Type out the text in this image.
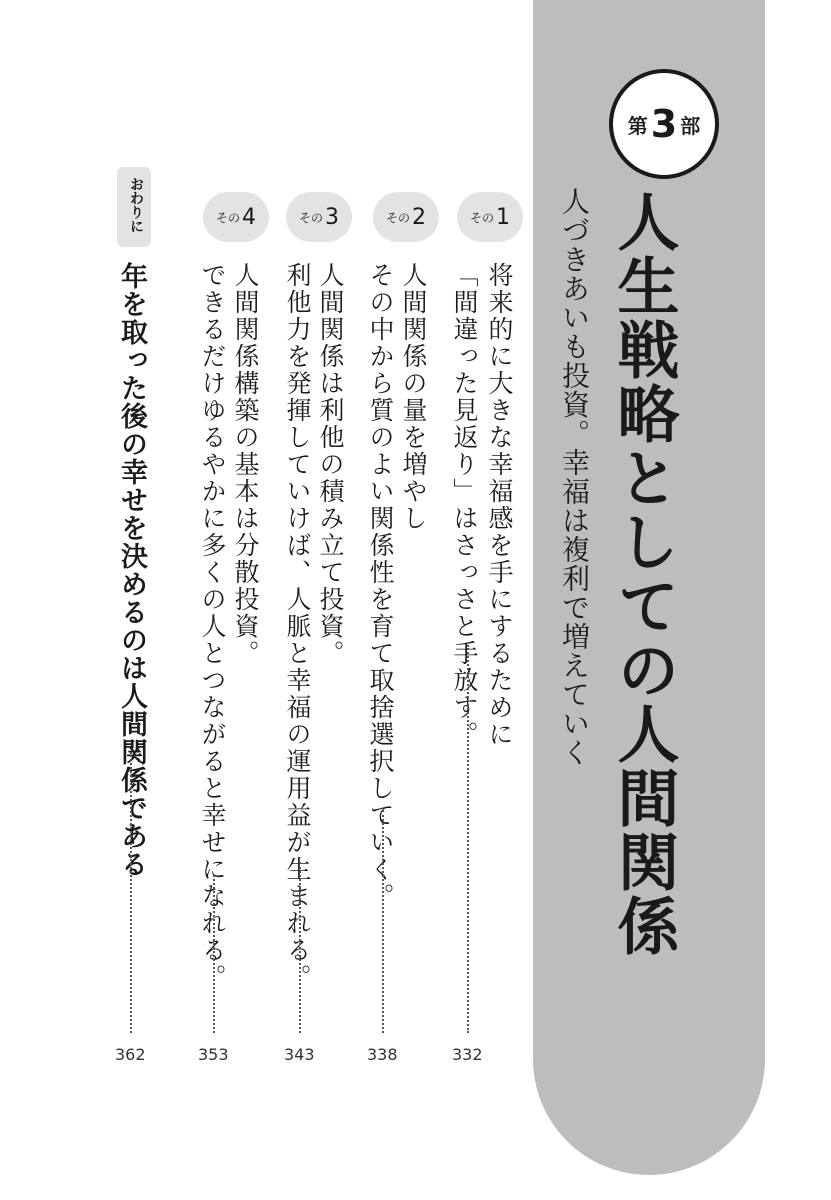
第 3 部
人生戦略としての人間関係
人づきあいも投資。幸福は複利で増えていく
その 1
将来的に大きな幸福感を手にするために
「間違った見返り」はさっさと手放す。
332
その 2
人間関係の量を増やし
その中から質のよい関係性を育て取捨選択していく。
338
その 3
人間関係は利他の積み立て投資。
利他力を発揮していけば、人脈と幸福の運用益が生まれる。
343
その 4
人間関係構築の基本は分散投資。
できるだけゆるやかに多くの人とつながると幸せになれる。
353
おわりに
年を取った後の幸せを決めるのは人間関係である
362
